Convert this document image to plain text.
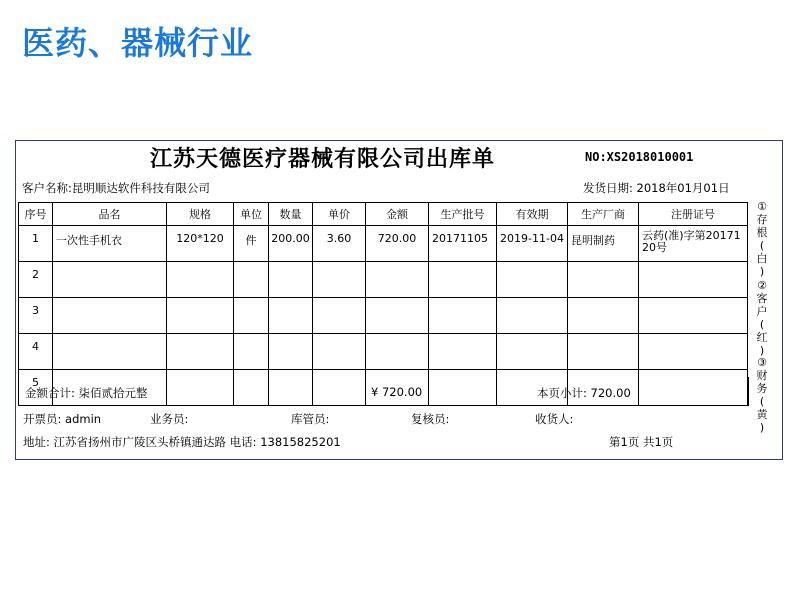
医药、器械行业
江苏天德医疗器械有限公司出库单	NO:XS2018010001
客户名称:昆明顺达软件科技有限公司	发货日期: 2018年01月01日
序号	品名	规格	单位	数量	单价	金额	生产批号	有效期	生产厂商	注册证号
1	一次性手机衣	120*120	件	200.00	3.60	720.00	20171105	2019-11-04	昆明制药	云药(准)字第2017120号
2										
3										
4										
5										
金额合计: 柒佰贰拾元整	¥ 720.00	本页小计: 720.00
开票员: admin	业务员:	库管员:	复核员:	收货人:
地址: 江苏省扬州市广陵区头桥镇通达路 电话: 13815825201	第1页 共1页
①
存
根
(
白
)
②
客
户
(
红
)
③
财
务
(
黄
)
